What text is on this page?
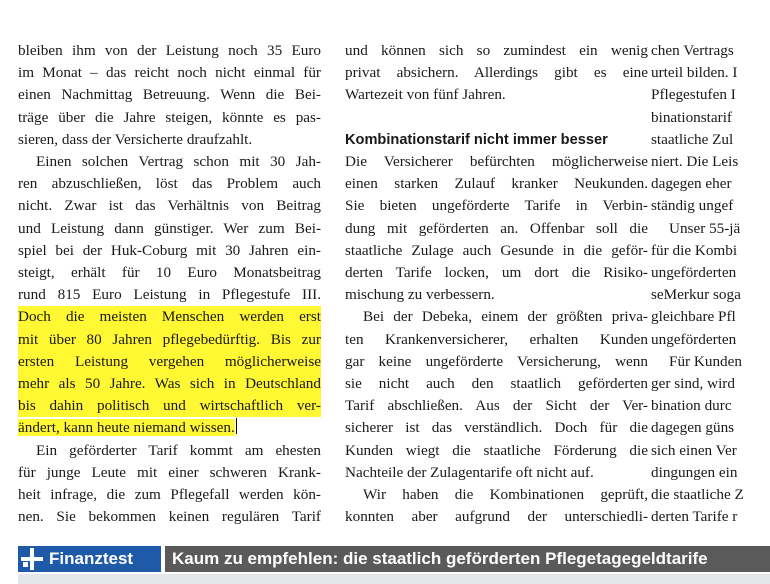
bleiben ihm von der Leistung noch 35 Euro
im Monat – das reicht noch nicht einmal für
einen Nachmittag Betreuung. Wenn die Bei-
träge über die Jahre steigen, könnte es pas-
sieren, dass der Versicherte draufzahlt.
Einen solchen Vertrag schon mit 30 Jah-
ren abzuschließen, löst das Problem auch
nicht. Zwar ist das Verhältnis von Beitrag
und Leistung dann günstiger. Wer zum Bei-
spiel bei der Huk-Coburg mit 30 Jahren ein-
steigt, erhält für 10 Euro Monatsbeitrag
rund 815 Euro Leistung in Pflegestufe III.
Doch die meisten Menschen werden erst
mit über 80 Jahren pflegebedürftig. Bis zur
ersten Leistung vergehen möglicherweise
mehr als 50 Jahre. Was sich in Deutschland
bis dahin politisch und wirtschaftlich ver-
ändert, kann heute niemand wissen.
Ein geförderter Tarif kommt am ehesten
für junge Leute mit einer schweren Krank-
heit infrage, die zum Pflegefall werden kön-
nen. Sie bekommen keinen regulären Tarif
und können sich so zumindest ein wenig
privat absichern. Allerdings gibt es eine
Wartezeit von fünf Jahren.
Kombinationstarif nicht immer besser
Die Versicherer befürchten möglicherweise
einen starken Zulauf kranker Neukunden.
Sie bieten ungeförderte Tarife in Verbin-
dung mit geförderten an. Offenbar soll die
staatliche Zulage auch Gesunde in die geför-
derten Tarife locken, um dort die Risiko-
mischung zu verbessern.
Bei der Debeka, einem der größten priva-
ten Krankenversicherer, erhalten Kunden
gar keine ungeförderte Versicherung, wenn
sie nicht auch den staatlich geförderten
Tarif abschließen. Aus der Sicht der Ver-
sicherer ist das verständlich. Doch für die
Kunden wiegt die staatliche Förderung die
Nachteile der Zulagentarife oft nicht auf.
Wir haben die Kombinationen geprüft,
konnten aber aufgrund der unterschiedli-
chen Vertrags
urteil bilden. I
Pflegestufen I
binationstarif
staatliche Zul
niert. Die Leis
dagegen eher
ständig ungef
Unser 55-jä
für die Kombi
ungeförderten
seMerkur soga
gleichbare Pfl
ungeförderten
Für Kunden
ger sind, wird
bination durc
dagegen güns
sich einen Ver
dingungen ein
die staatliche Z
derten Tarife r
Finanztest Kaum zu empfehlen: die staatlich geförderten Pflegetagegeldtarife
